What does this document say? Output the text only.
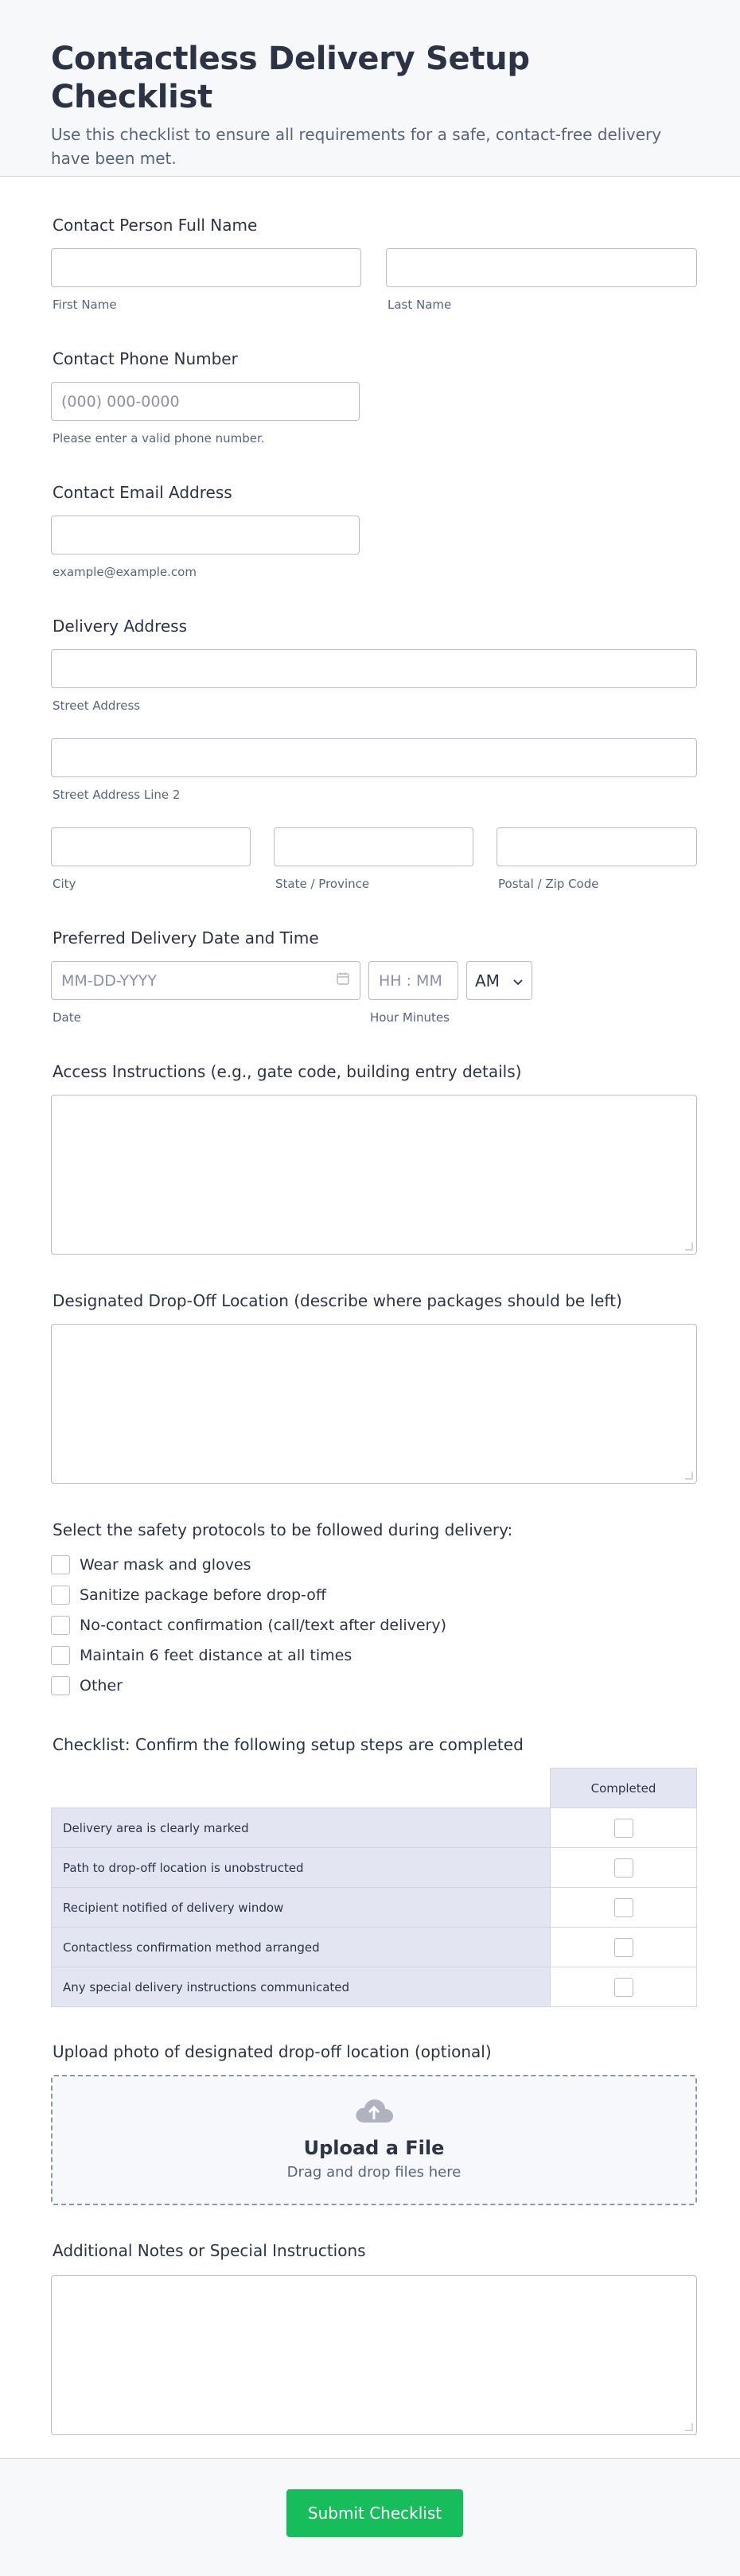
Contactless Delivery Setup Checklist

Use this checklist to ensure all requirements for a safe, contact-free delivery have been met.

Contact Person Full Name
First Name	Last Name
Contact Phone Number
(000) 000-0000
Please enter a valid phone number.
Contact Email Address
example@example.com
Delivery Address
Street Address
Street Address Line 2
City	State / Province	Postal / Zip Code
Preferred Delivery Date and Time
MM-DD-YYYY	HH : MM AM
Date	Hour Minutes
Access Instructions (e.g., gate code, building entry details)
Designated Drop-Off Location (describe where packages should be left)
Select the safety protocols to be followed during delivery:
Wear mask and gloves
Sanitize package before drop-off
No-contact confirmation (call/text after delivery)
Maintain 6 feet distance at all times
Other
Checklist: Confirm the following setup steps are completed
	Completed
Delivery area is clearly marked	
Path to drop-off location is unobstructed	
Recipient notified of delivery window	
Contactless confirmation method arranged	
Any special delivery instructions communicated	
Upload photo of designated drop-off location (optional)
Upload a File
Drag and drop files here
Additional Notes or Special Instructions
Submit Checklist
